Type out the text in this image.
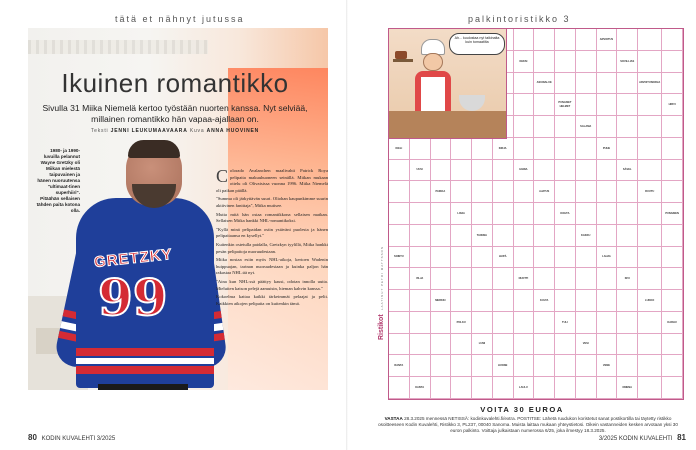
tätä et nähnyt jutussa
GRETZKY
99
Ikuinen romantikko
Sivulla 31 Miika Niemelä kertoo työstään nuorten kanssa. Nyt selviää, millainen romantikko hän vapaa-ajallaan on.
Teksti JENNI LEUKUMAAVAARA Kuva ANNA HUOVINEN
1980- ja 1990-luvuilla pelannut Wayne Gretzky oli Miikan mielestä taipuvainen ja hänen nuoruutensa "ultimaat-tinen superhiiri". Pitäähän sellaisen tähden paita kotona olla.
C olorado Avalanchen maalivahti Patrick Roya pelipaita makuuhuoneen seinällä. Miikan mukaan ottelu oli Olivaisissa vuonna 1996. Miika Niemelä oli paikan päällä.

"Summa oli järkyttävän suuri. Oliohan kaupunkimme suurin aktiivinen fanittaja", Miika mutisee.

Mutta mitä hän ostaa romantikkona sellaisen matkan. Sellaisen Miika hankki NHL-romantikoksi.

"Kyllä minä pelipaidan ostin ystäväni puolesta ja hänen pelipaitaansa en kysellyt."

Kuitenkin ostetulla paidalla, Gretzkyn tyylillä, Miika hankki pesän pelipaitoja nuoruudestaan.

Miika nostaa esiin myös NHL-aikoja, kertoen Wadenin huippuajan, tarinan nuoruudestaan ja kuinka paljon hän rakastaa NHL:ää nyt.

"Aina kun NHL:ssä päättyy kausi, odotan innolla uutta. Mieluiten katson pelejä aamuisin, hieman kahvin kanssa."

Kokoelma kattaa kaikki tärkeimmät pelaajat ja pelit. Kaikkien aikojen pelipaita on kuitenkin tämä.

80 KODIN KUVALEHTI 3/2025
palkintoristikko 3
ARVOITUS
KEKSI	SOVE-LIAS
ASUINALUE	ARVOITUSKIRJA
PUNAISET HELMET
HIRVI
SALAMA
KIELI	KIRJA	PUHE
UUSI	HIHNA	SÄVEL
PAIKKA	AJATUS	RUUTU
LINJA	KOHTA	PUNAINEN
TAIKINA	KAKKU
SOINTU	LEIPÄ	LAHJA
VILJA	NUOTTI	KIVI
MERKKI	KULTA	LUKKO
POLKU	TULI	KARHU
LUMI	VESI
RANTA	HUONE	VENE
KANTA	LAULU	OMENA
Ah... kuulostaa nyt taikinalta kuin tomaatilta
LAATINUT PETRI MATTSSON
Ristikot
VOITA 30 EUROA
VASTAA 28.3.2025 mennessä NETISSÄ: kodinkuvalehti.fi/extra. POSTITSE: Lähetä ruudukon koristetut sanat postikortilla tai täytetty ristikko osoitteeseen Kodin Kuvalehti, Ristikko 3, PL237, 00040 Sanoma. Muista laittaa mukaan yhteystietosi. Oikein vastanneiden kesken arvotaan yksi 30 euron palkinto. Voittaja julkaistaan numerossa 6/25, joka ilmestyy 18.3.2025.
3/2025 KODIN KUVALEHTI 81
